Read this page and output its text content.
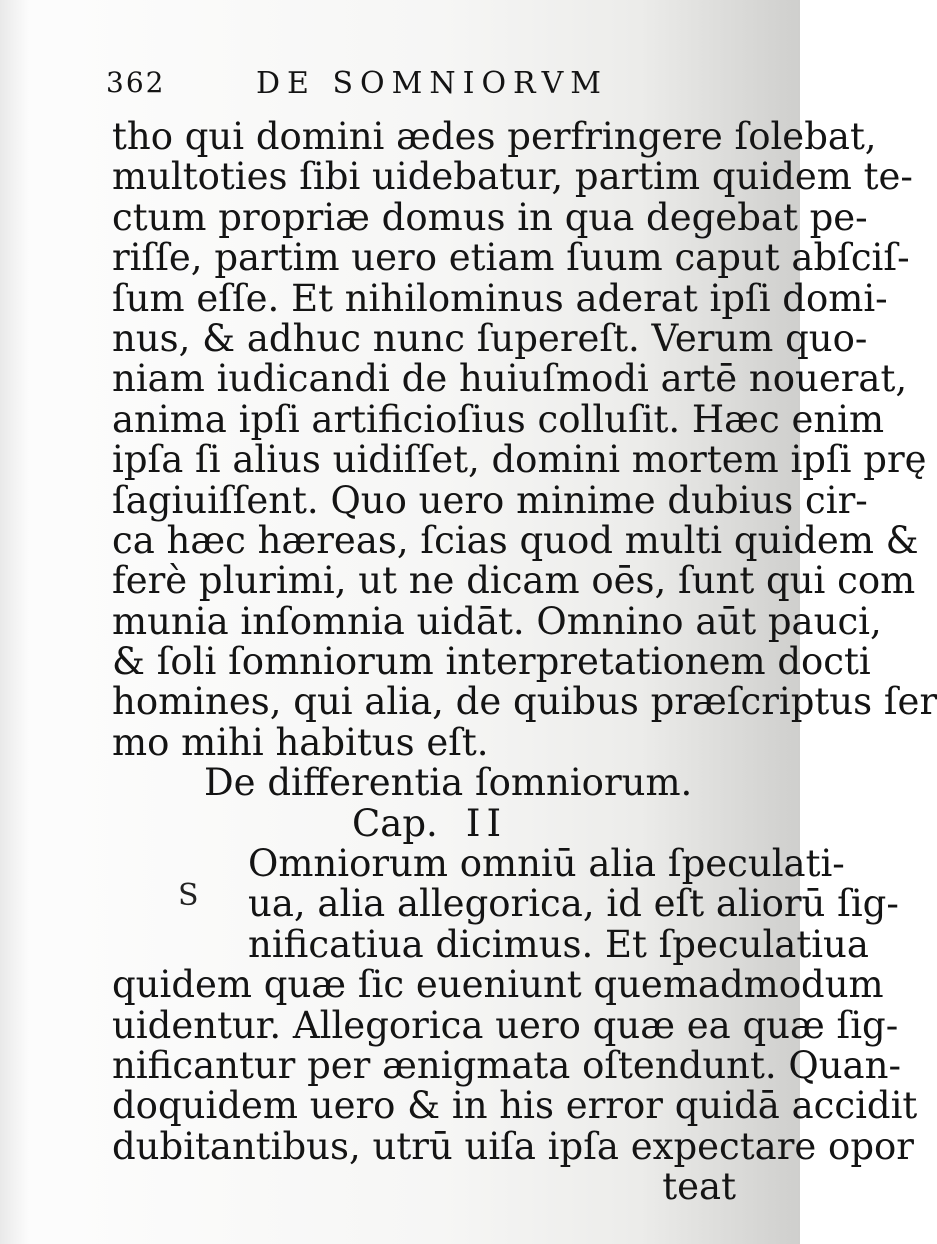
362	DE SOMNIORVM
tho qui domini ædes perfringere ſolebat,
multoties ſibi uidebatur, partim quidem te-
ctum propriæ domus in qua degebat pe-
riſſe, partim uero etiam ſuum caput abſciſ-
ſum eſſe. Et nihilominus aderat ipſi domi-
nus, & adhuc nunc ſupereſt. Verum quo-
niam iudicandi de huiuſmodi artē nouerat,
anima ipſi artificioſius colluſit. Hæc enim
ipſa ſi alius uidiſſet, domini mortem ipſi prę
ſagiuiſſent. Quo uero minime dubius cir-
ca hæc hæreas, ſcias quod multi quidem &
ferè plurimi, ut ne dicam oēs, ſunt qui com
munia inſomnia uidāt. Omnino aūt pauci,
& ſoli ſomniorum interpretationem docti
homines, qui alia, de quibus præſcriptus ſer
mo mihi habitus eſt.
De differentia ſomniorum.
Cap. II
Omniorum omniū alia ſpeculati-
ua, alia allegorica, id eſt aliorū ſig-
nificatiua dicimus. Et ſpeculatiua
quidem quæ ſic eueniunt quemadmodum
uidentur. Allegorica uero quæ ea quæ ſig-
nificantur per ænigmata oſtendunt. Quan-
doquidem uero & in his error quidā accidit
dubitantibus, utrū uiſa ipſa expectare opor
teat
S
